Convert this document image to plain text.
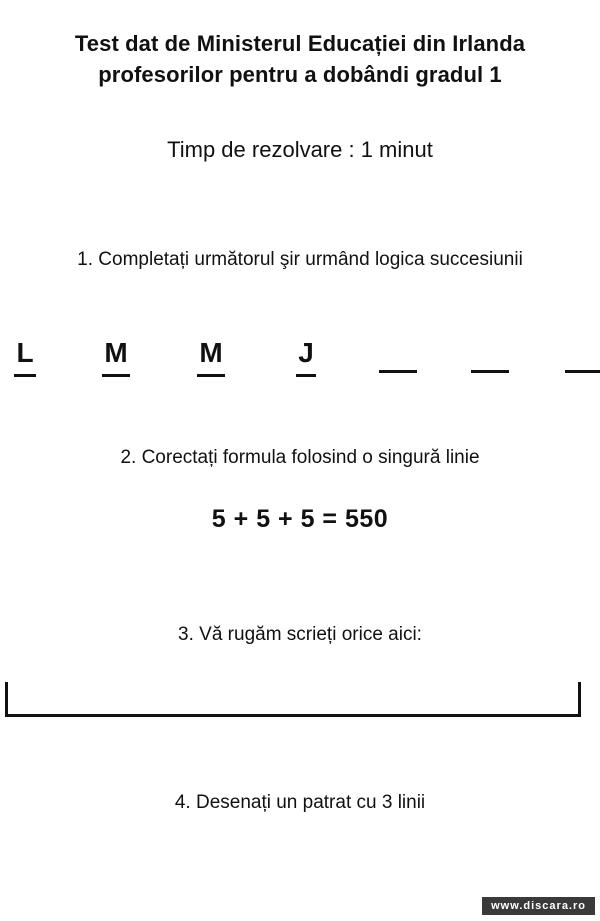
Test dat de Ministerul Educației din Irlanda
profesorilor pentru a dobândi gradul 1
Timp de rezolvare : 1 minut
1. Completați următorul şir urmând logica succesiunii
L	M	M	J
2. Corectați formula folosind o singură linie
5 + 5 + 5 = 550
3. Vă rugăm scrieți orice aici:
4. Desenați un patrat cu 3 linii
www.discara.ro
